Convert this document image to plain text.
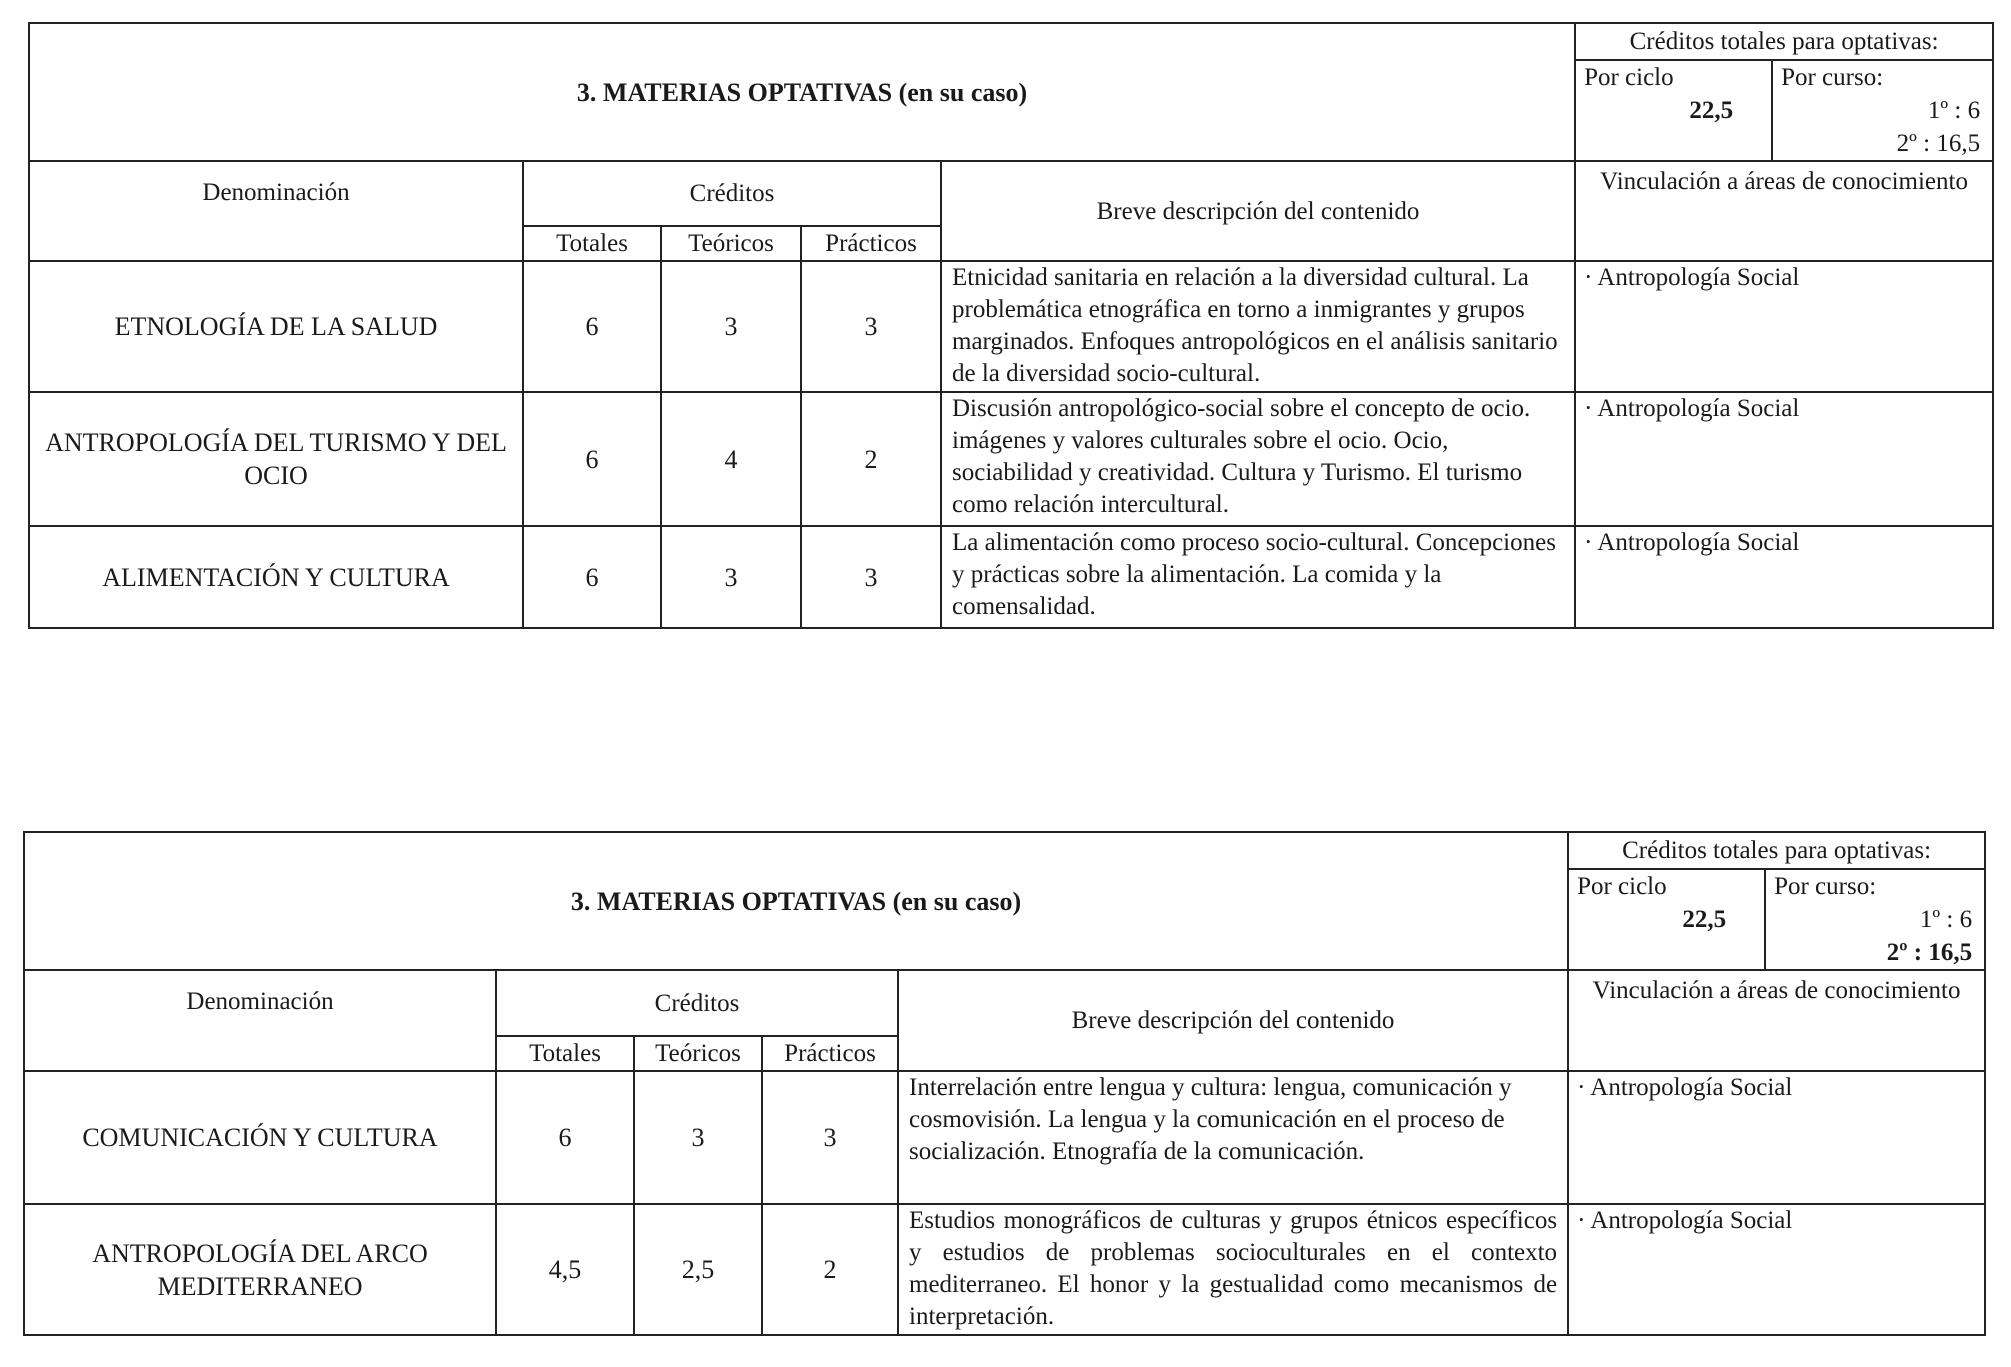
3. MATERIAS OPTATIVAS (en su caso)					Créditos totales para optativas:	

					Por ciclo
22,5	Por curso:
1º : 6
2º : 16,5

Denominación	Créditos			Breve descripción del contenido	Vinculación a áreas de conocimiento	
	Totales	Teóricos	Prácticos			
ETNOLOGÍA DE LA SALUD	6	3	3	Etnicidad sanitaria en relación a la diversidad cultural. La problemática etnográfica en torno a inmigrantes y grupos marginados. Enfoques antropológicos en el análisis sanitario de la diversidad socio-cultural.	· Antropología Social	
ANTROPOLOGÍA DEL TURISMO Y DEL OCIO	6	4	2	Discusión antropológico-social sobre el concepto de ocio. imágenes y valores culturales sobre el ocio. Ocio, sociabilidad y creatividad. Cultura y Turismo. El turismo como relación intercultural.	· Antropología Social	
ALIMENTACIÓN Y CULTURA	6	3	3	La alimentación como proceso socio-cultural. Concepciones y prácticas sobre la alimentación. La comida y la comensalidad.	· Antropología Social	
3. MATERIAS OPTATIVAS (en su caso)					Créditos totales para optativas:	

					Por ciclo
22,5	Por curso:
1º : 6
2º : 16,5

Denominación	Créditos			Breve descripción del contenido	Vinculación a áreas de conocimiento	
	Totales	Teóricos	Prácticos			
COMUNICACIÓN Y CULTURA	6	3	3	Interrelación entre lengua y cultura: lengua, comunicación y cosmovisión. La lengua y la comunicación en el proceso de socialización. Etnografía de la comunicación.	· Antropología Social	
ANTROPOLOGÍA DEL ARCO MEDITERRANEO	4,5	2,5	2	Estudios monográficos de culturas y grupos étnicos específicos y estudios de problemas socioculturales en el contexto mediterraneo. El honor y la gestualidad como mecanismos de interpretación.	· Antropología Social	
